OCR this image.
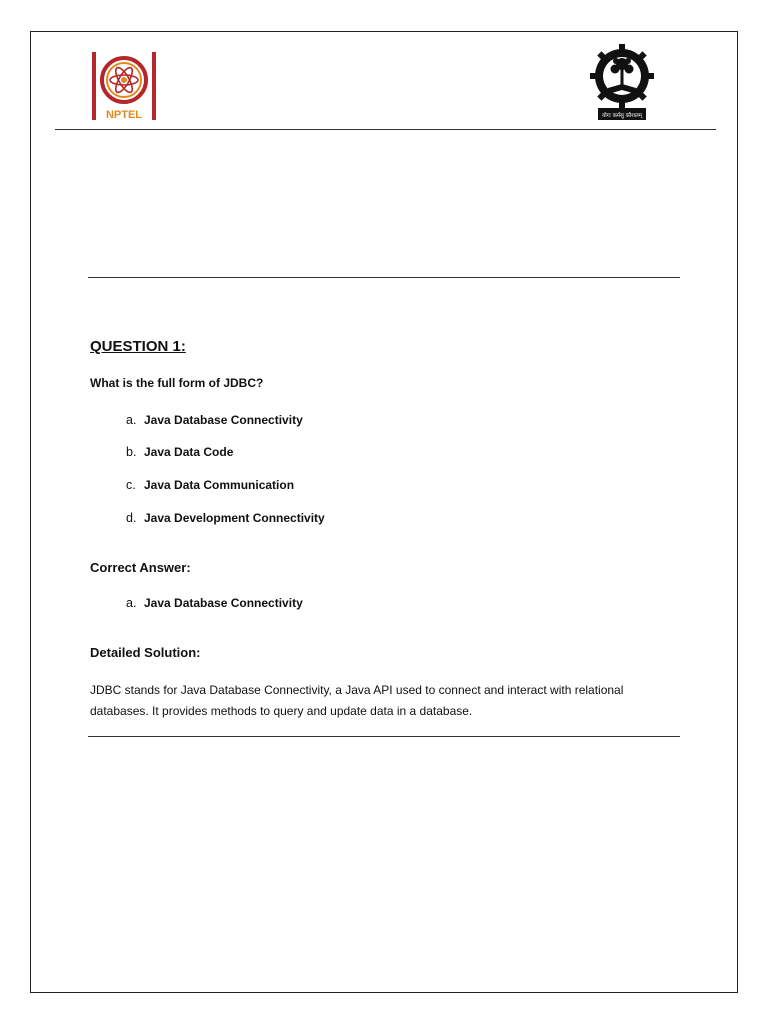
NPTEL	योगः कर्मसु कौशलम्
QUESTION 1:
What is the full form of JDBC?
a. Java Database Connectivity
b. Java Data Code
c. Java Data Communication
d. Java Development Connectivity
Correct Answer:
a. Java Database Connectivity
Detailed Solution:
JDBC stands for Java Database Connectivity, a Java API used to connect and interact with relational
databases. It provides methods to query and update data in a database.
